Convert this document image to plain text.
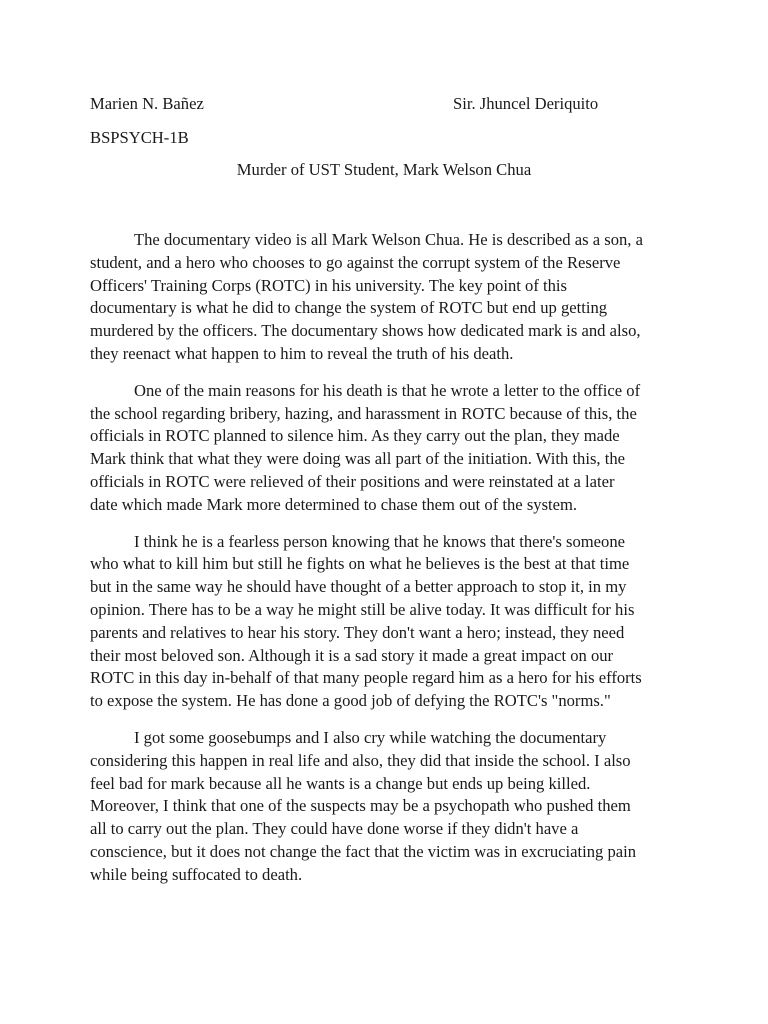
Marien N. Bañez	Sir. Jhuncel Deriquito
BSPSYCH-1B
Murder of UST Student, Mark Welson Chua

The documentary video is all Mark Welson Chua. He is described as a son, a
student, and a hero who chooses to go against the corrupt system of the Reserve
Officers' Training Corps (ROTC) in his university. The key point of this
documentary is what he did to change the system of ROTC but end up getting
murdered by the officers. The documentary shows how dedicated mark is and also,
they reenact what happen to him to reveal the truth of his death.

One of the main reasons for his death is that he wrote a letter to the office of
the school regarding bribery, hazing, and harassment in ROTC because of this, the
officials in ROTC planned to silence him. As they carry out the plan, they made
Mark think that what they were doing was all part of the initiation. With this, the
officials in ROTC were relieved of their positions and were reinstated at a later
date which made Mark more determined to chase them out of the system.

I think he is a fearless person knowing that he knows that there's someone
who what to kill him but still he fights on what he believes is the best at that time
but in the same way he should have thought of a better approach to stop it, in my
opinion. There has to be a way he might still be alive today. It was difficult for his
parents and relatives to hear his story. They don't want a hero; instead, they need
their most beloved son. Although it is a sad story it made a great impact on our
ROTC in this day in-behalf of that many people regard him as a hero for his efforts
to expose the system. He has done a good job of defying the ROTC's "norms."

I got some goosebumps and I also cry while watching the documentary
considering this happen in real life and also, they did that inside the school. I also
feel bad for mark because all he wants is a change but ends up being killed.
Moreover, I think that one of the suspects may be a psychopath who pushed them
all to carry out the plan. They could have done worse if they didn't have a
conscience, but it does not change the fact that the victim was in excruciating pain
while being suffocated to death.
